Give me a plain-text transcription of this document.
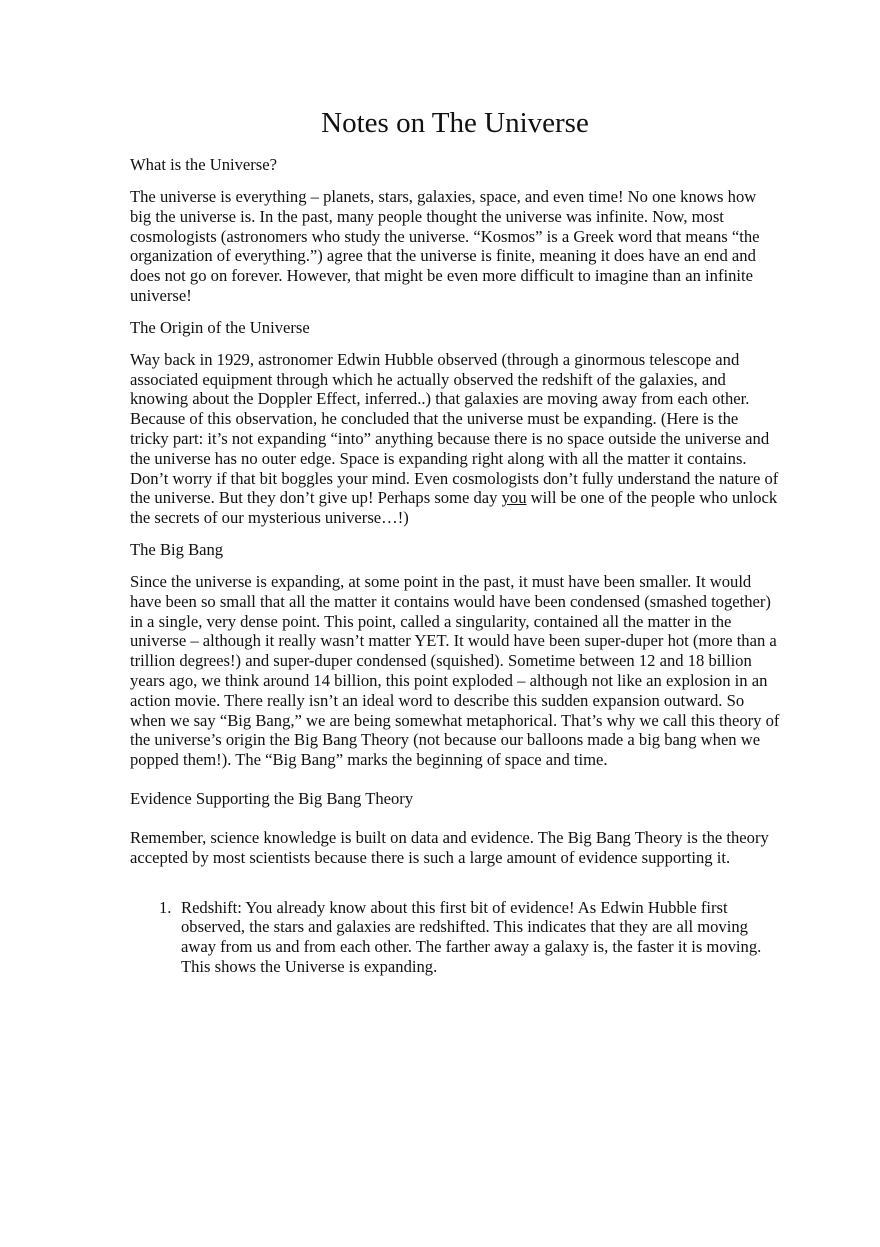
Notes on The Universe
What is the Universe?

The universe is everything – planets, stars, galaxies, space, and even time! No one knows how big the universe is. In the past, many people thought the universe was infinite. Now, most cosmologists (astronomers who study the universe. “Kosmos” is a Greek word that means “the organization of everything.”) agree that the universe is finite, meaning it does have an end and does not go on forever. However, that might be even more difficult to imagine than an infinite universe!

The Origin of the Universe

Way back in 1929, astronomer Edwin Hubble observed (through a ginormous telescope and associated equipment through which he actually observed the redshift of the galaxies, and knowing about the Doppler Effect, inferred..) that galaxies are moving away from each other. Because of this observation, he concluded that the universe must be expanding. (Here is the tricky part: it’s not expanding “into” anything because there is no space outside the universe and the universe has no outer edge. Space is expanding right along with all the matter it contains. Don’t worry if that bit boggles your mind. Even cosmologists don’t fully understand the nature of the universe. But they don’t give up! Perhaps some day you will be one of the people who unlock the secrets of our mysterious universe…!)

The Big Bang

Since the universe is expanding, at some point in the past, it must have been smaller. It would have been so small that all the matter it contains would have been condensed (smashed together) in a single, very dense point. This point, called a singularity, contained all the matter in the universe – although it really wasn’t matter YET. It would have been super-duper hot (more than a trillion degrees!) and super-duper condensed (squished). Sometime between 12 and 18 billion years ago, we think around 14 billion, this point exploded – although not like an explosion in an action movie. There really isn’t an ideal word to describe this sudden expansion outward. So when we say “Big Bang,” we are being somewhat metaphorical. That’s why we call this theory of the universe’s origin the Big Bang Theory (not because our balloons made a big bang when we popped them!). The “Big Bang” marks the beginning of space and time.

Evidence Supporting the Big Bang Theory

Remember, science knowledge is built on data and evidence. The Big Bang Theory is the theory accepted by most scientists because there is such a large amount of evidence supporting it.

1. Redshift: You already know about this first bit of evidence! As Edwin Hubble first observed, the stars and galaxies are redshifted. This indicates that they are all moving away from us and from each other. The farther away a galaxy is, the faster it is moving. This shows the Universe is expanding.
